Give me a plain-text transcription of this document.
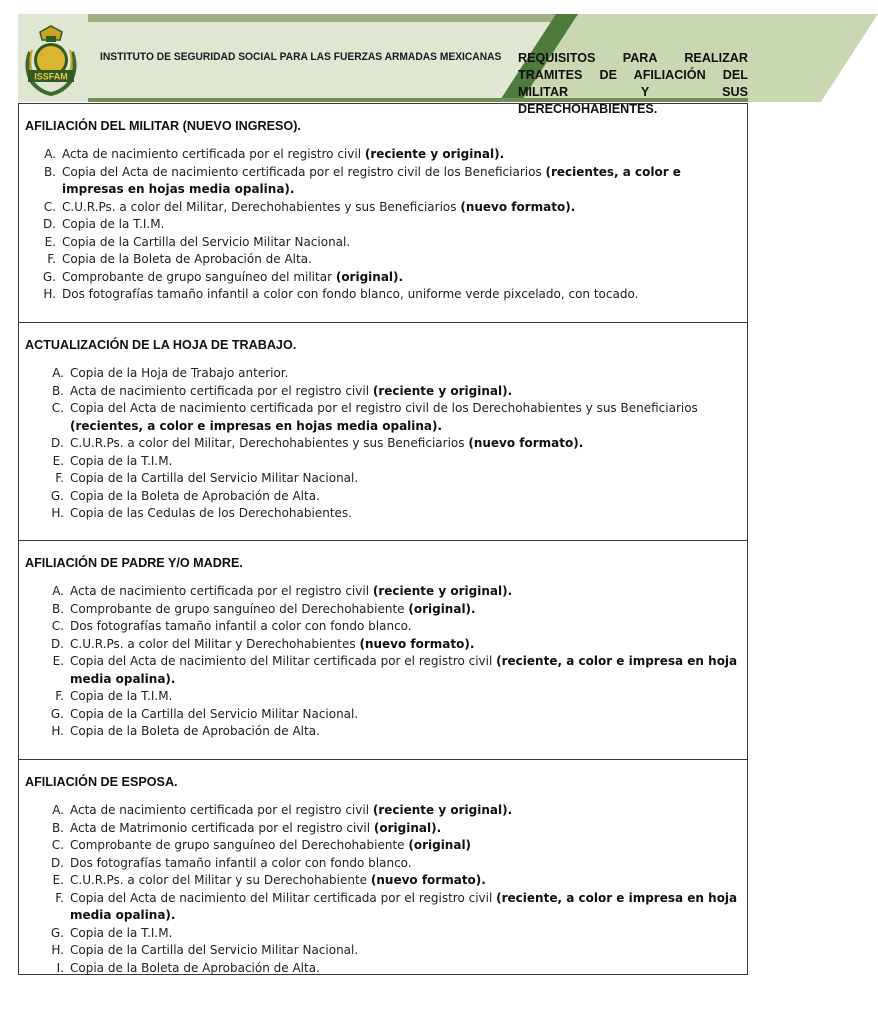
ISSFAM
INSTITUTO DE SEGURIDAD SOCIAL PARA LAS FUERZAS ARMADAS MEXICANAS REQUISITOS PARA REALIZAR
TRAMITES DE AFILIACIÓN DEL
MILITAR Y SUS DERECHOHABIENTES.
AFILIACIÓN DEL MILITAR (NUEVO INGRESO).
A. Acta de nacimiento certificada por el registro civil (reciente y original).
B. Copia del Acta de nacimiento certificada por el registro civil de los Beneficiarios (recientes, a color e impresas en hojas media opalina).
C. C.U.R.Ps. a color del Militar, Derechohabientes y sus Beneficiarios (nuevo formato).
D. Copia de la T.I.M.
E. Copia de la Cartilla del Servicio Militar Nacional.
F. Copia de la Boleta de Aprobación de Alta.
G. Comprobante de grupo sanguíneo del militar (original).
H. Dos fotografías tamaño infantil a color con fondo blanco, uniforme verde pixcelado, con tocado.
ACTUALIZACIÓN DE LA HOJA DE TRABAJO.
A. Copia de la Hoja de Trabajo anterior.
B. Acta de nacimiento certificada por el registro civil (reciente y original).
C. Copia del Acta de nacimiento certificada por el registro civil de los Derechohabientes y sus Beneficiarios (recientes, a color e impresas en hojas media opalina).
D. C.U.R.Ps. a color del Militar, Derechohabientes y sus Beneficiarios (nuevo formato).
E. Copia de la T.I.M.
F. Copia de la Cartilla del Servicio Militar Nacional.
G. Copia de la Boleta de Aprobación de Alta.
H. Copia de las Cedulas de los Derechohabientes.
AFILIACIÓN DE PADRE Y/O MADRE.
A. Acta de nacimiento certificada por el registro civil (reciente y original).
B. Comprobante de grupo sanguíneo del Derechohabiente (original).
C. Dos fotografías tamaño infantil a color con fondo blanco.
D. C.U.R.Ps. a color del Militar y Derechohabientes (nuevo formato).
E. Copia del Acta de nacimiento del Militar certificada por el registro civil (reciente, a color e impresa en hoja media opalina).
F. Copia de la T.I.M.
G. Copia de la Cartilla del Servicio Militar Nacional.
H. Copia de la Boleta de Aprobación de Alta.
AFILIACIÓN DE ESPOSA.
A. Acta de nacimiento certificada por el registro civil (reciente y original).
B. Acta de Matrimonio certificada por el registro civil (original).
C. Comprobante de grupo sanguíneo del Derechohabiente (original)
D. Dos fotografías tamaño infantil a color con fondo blanco.
E. C.U.R.Ps. a color del Militar y su Derechohabiente (nuevo formato).
F. Copia del Acta de nacimiento del Militar certificada por el registro civil (reciente, a color e impresa en hoja media opalina).
G. Copia de la T.I.M.
H. Copia de la Cartilla del Servicio Militar Nacional.
I. Copia de la Boleta de Aprobación de Alta.
